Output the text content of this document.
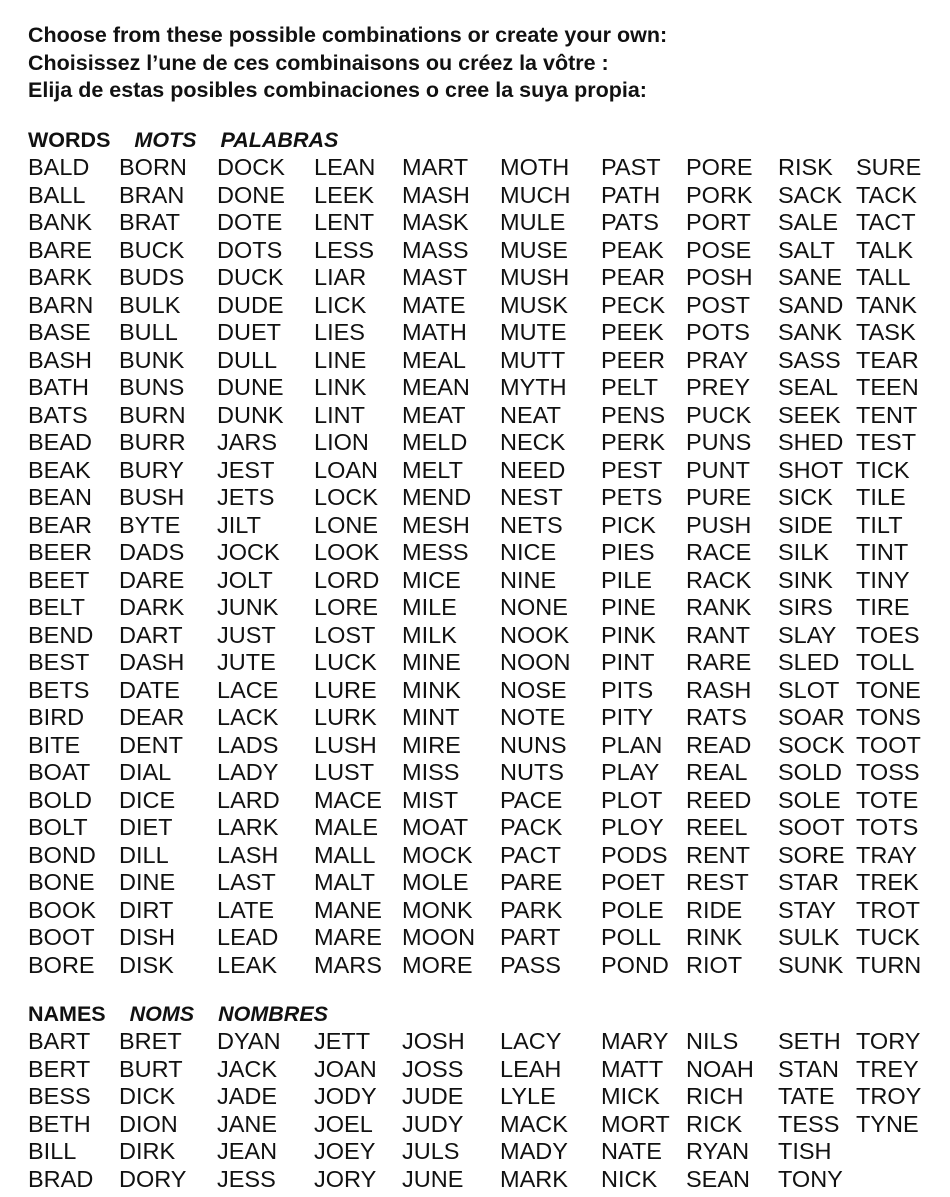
Choose from these possible combinations or create your own:
Choisissez l’une de ces combinaisons ou créez la vôtre :
Elija de estas posibles combinaciones o cree la suya propia:
WORDS MOTS PALABRAS
BALD
BALL
BANK
BARE
BARK
BARN
BASE
BASH
BATH
BATS
BEAD
BEAK
BEAN
BEAR
BEER
BEET
BELT
BEND
BEST
BETS
BIRD
BITE
BOAT
BOLD
BOLT
BOND
BONE
BOOK
BOOT
BORE
BORN
BRAN
BRAT
BUCK
BUDS
BULK
BULL
BUNK
BUNS
BURN
BURR
BURY
BUSH
BYTE
DADS
DARE
DARK
DART
DASH
DATE
DEAR
DENT
DIAL
DICE
DIET
DILL
DINE
DIRT
DISH
DISK
DOCK
DONE
DOTE
DOTS
DUCK
DUDE
DUET
DULL
DUNE
DUNK
JARS
JEST
JETS
JILT
JOCK
JOLT
JUNK
JUST
JUTE
LACE
LACK
LADS
LADY
LARD
LARK
LASH
LAST
LATE
LEAD
LEAK
LEAN
LEEK
LENT
LESS
LIAR
LICK
LIES
LINE
LINK
LINT
LION
LOAN
LOCK
LONE
LOOK
LORD
LORE
LOST
LUCK
LURE
LURK
LUSH
LUST
MACE
MALE
MALL
MALT
MANE
MARE
MARS
MART
MASH
MASK
MASS
MAST
MATE
MATH
MEAL
MEAN
MEAT
MELD
MELT
MEND
MESH
MESS
MICE
MILE
MILK
MINE
MINK
MINT
MIRE
MISS
MIST
MOAT
MOCK
MOLE
MONK
MOON
MORE
MOTH
MUCH
MULE
MUSE
MUSH
MUSK
MUTE
MUTT
MYTH
NEAT
NECK
NEED
NEST
NETS
NICE
NINE
NONE
NOOK
NOON
NOSE
NOTE
NUNS
NUTS
PACE
PACK
PACT
PARE
PARK
PART
PASS
PAST
PATH
PATS
PEAK
PEAR
PECK
PEEK
PEER
PELT
PENS
PERK
PEST
PETS
PICK
PIES
PILE
PINE
PINK
PINT
PITS
PITY
PLAN
PLAY
PLOT
PLOY
PODS
POET
POLE
POLL
POND
PORE
PORK
PORT
POSE
POSH
POST
POTS
PRAY
PREY
PUCK
PUNS
PUNT
PURE
PUSH
RACE
RACK
RANK
RANT
RARE
RASH
RATS
READ
REAL
REED
REEL
RENT
REST
RIDE
RINK
RIOT
RISK
SACK
SALE
SALT
SANE
SAND
SANK
SASS
SEAL
SEEK
SHED
SHOT
SICK
SIDE
SILK
SINK
SIRS
SLAY
SLED
SLOT
SOAR
SOCK
SOLD
SOLE
SOOT
SORE
STAR
STAY
SULK
SUNK
SURE
TACK
TACT
TALK
TALL
TANK
TASK
TEAR
TEEN
TENT
TEST
TICK
TILE
TILT
TINT
TINY
TIRE
TOES
TOLL
TONE
TONS
TOOT
TOSS
TOTE
TOTS
TRAY
TREK
TROT
TUCK
TURN
NAMES NOMS NOMBRES
BART
BERT
BESS
BETH
BILL
BRAD
BRET
BURT
DICK
DION
DIRK
DORY
DYAN
JACK
JADE
JANE
JEAN
JESS
JETT
JOAN
JODY
JOEL
JOEY
JORY
JOSH
JOSS
JUDE
JUDY
JULS
JUNE
LACY
LEAH
LYLE
MACK
MADY
MARK
MARY
MATT
MICK
MORT
NATE
NICK
NILS
NOAH
RICH
RICK
RYAN
SEAN
SETH
STAN
TATE
TESS
TISH
TONY
TORY
TREY
TROY
TYNE
